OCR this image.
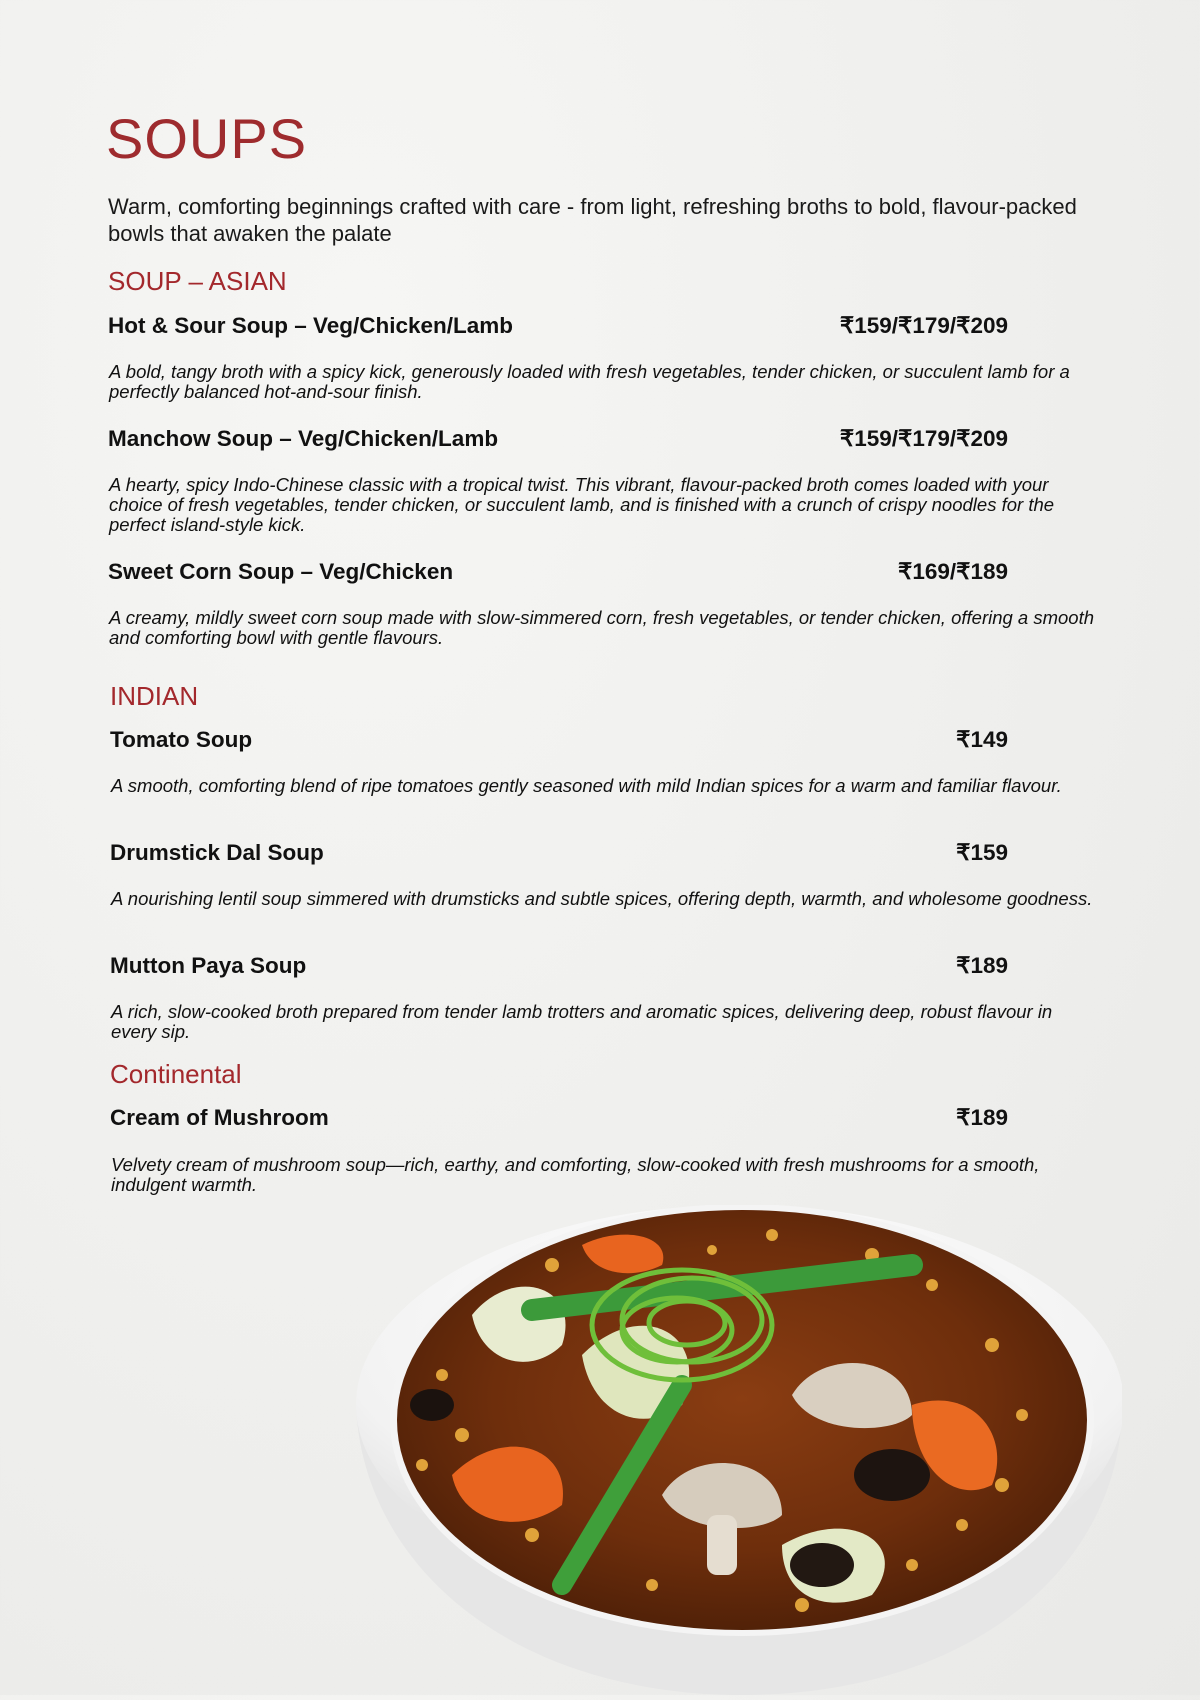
SOUPS
Warm, comforting beginnings crafted with care - from light, refreshing broths to bold, flavour-packed bowls that awaken the palate
SOUP – ASIAN
Hot & Sour Soup – Veg/Chicken/Lamb	₹159/₹179/₹209
A bold, tangy broth with a spicy kick, generously loaded with fresh vegetables, tender chicken, or succulent lamb for a perfectly balanced hot-and-sour finish.
Manchow Soup – Veg/Chicken/Lamb	₹159/₹179/₹209
A hearty, spicy Indo-Chinese classic with a tropical twist. This vibrant, flavour-packed broth comes loaded with your choice of fresh vegetables, tender chicken, or succulent lamb, and is finished with a crunch of crispy noodles for the perfect island-style kick.
Sweet Corn Soup – Veg/Chicken	₹169/₹189
A creamy, mildly sweet corn soup made with slow-simmered corn, fresh vegetables, or tender chicken, offering a smooth and comforting bowl with gentle flavours.
INDIAN
Tomato Soup	₹149
A smooth, comforting blend of ripe tomatoes gently seasoned with mild Indian spices for a warm and familiar flavour.
Drumstick Dal Soup	₹159
A nourishing lentil soup simmered with drumsticks and subtle spices, offering depth, warmth, and wholesome goodness.
Mutton Paya Soup	₹189
A rich, slow-cooked broth prepared from tender lamb trotters and aromatic spices, delivering deep, robust flavour in every sip.
Continental
Cream of Mushroom	₹189
Velvety cream of mushroom soup—rich, earthy, and comforting, slow-cooked with fresh mushrooms for a smooth, indulgent warmth.
